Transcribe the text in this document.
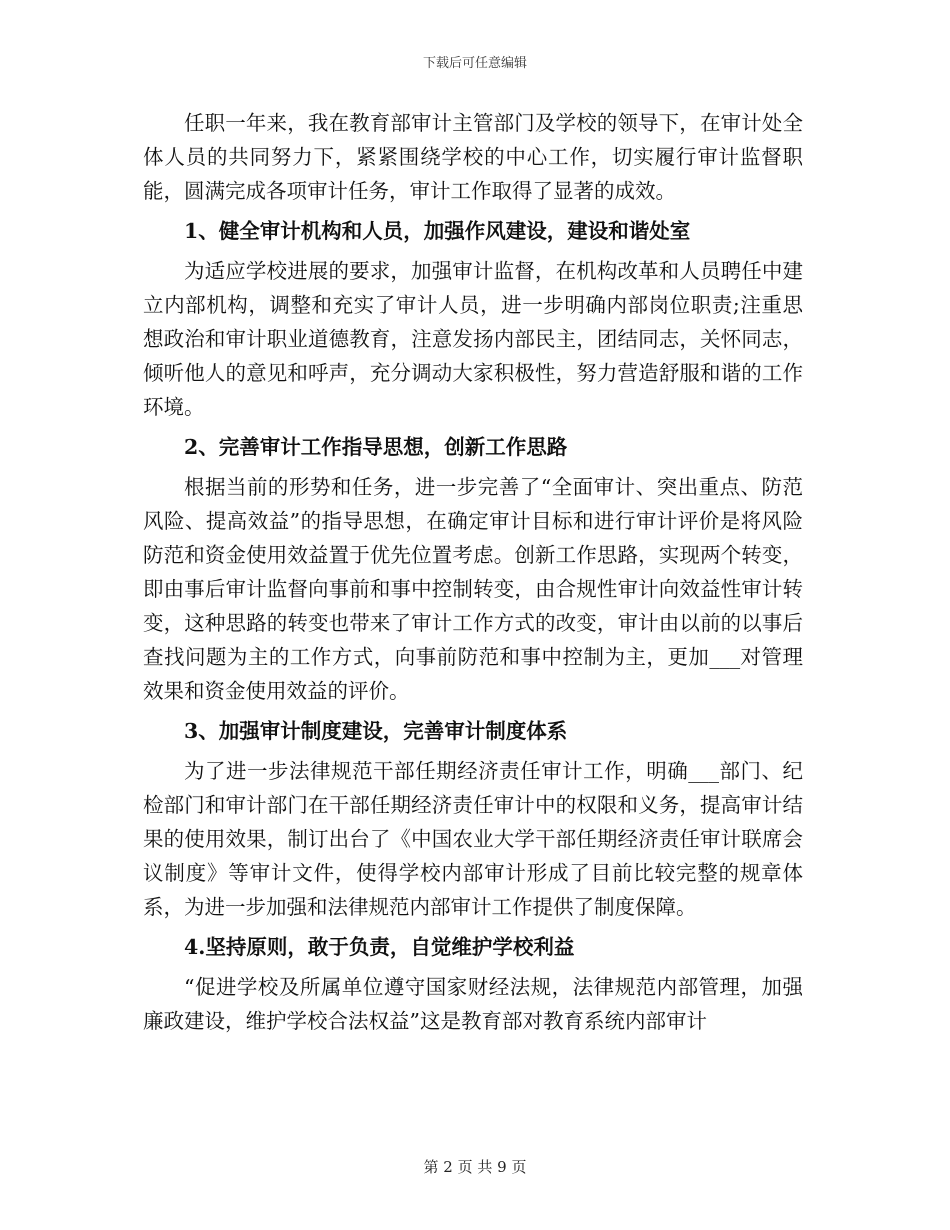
下载后可任意编辑

任职一年来，我在教育部审计主管部门及学校的领导下，在审计处全体人员的共同努力下，紧紧围绕学校的中心工作，切实履行审计监督职能，圆满完成各项审计任务，审计工作取得了显著的成效。

1、健全审计机构和人员，加强作风建设，建设和谐处室

为适应学校进展的要求，加强审计监督，在机构改革和人员聘任中建立内部机构，调整和充实了审计人员，进一步明确内部岗位职责;注重思想政治和审计职业道德教育，注意发扬内部民主，团结同志，关怀同志，倾听他人的意见和呼声，充分调动大家积极性，努力营造舒服和谐的工作环境。

2、完善审计工作指导思想，创新工作思路

根据当前的形势和任务，进一步完善了“全面审计、突出重点、防范风险、提高效益”的指导思想，在确定审计目标和进行审计评价是将风险防范和资金使用效益置于优先位置考虑。创新工作思路，实现两个转变，即由事后审计监督向事前和事中控制转变，由合规性审计向效益性审计转变，这种思路的转变也带来了审计工作方式的改变，审计由以前的以事后查找问题为主的工作方式，向事前防范和事中控制为主，更加___对管理效果和资金使用效益的评价。

3、加强审计制度建设，完善审计制度体系

为了进一步法律规范干部任期经济责任审计工作，明确___部门、纪检部门和审计部门在干部任期经济责任审计中的权限和义务，提高审计结果的使用效果，制订出台了《中国农业大学干部任期经济责任审计联席会议制度》等审计文件，使得学校内部审计形成了目前比较完整的规章体系，为进一步加强和法律规范内部审计工作提供了制度保障。

4.坚持原则，敢于负责，自觉维护学校利益

“促进学校及所属单位遵守国家财经法规，法律规范内部管理，加强廉政建设，维护学校合法权益”这是教育部对教育系统内部审计

第 2 页 共 9 页
